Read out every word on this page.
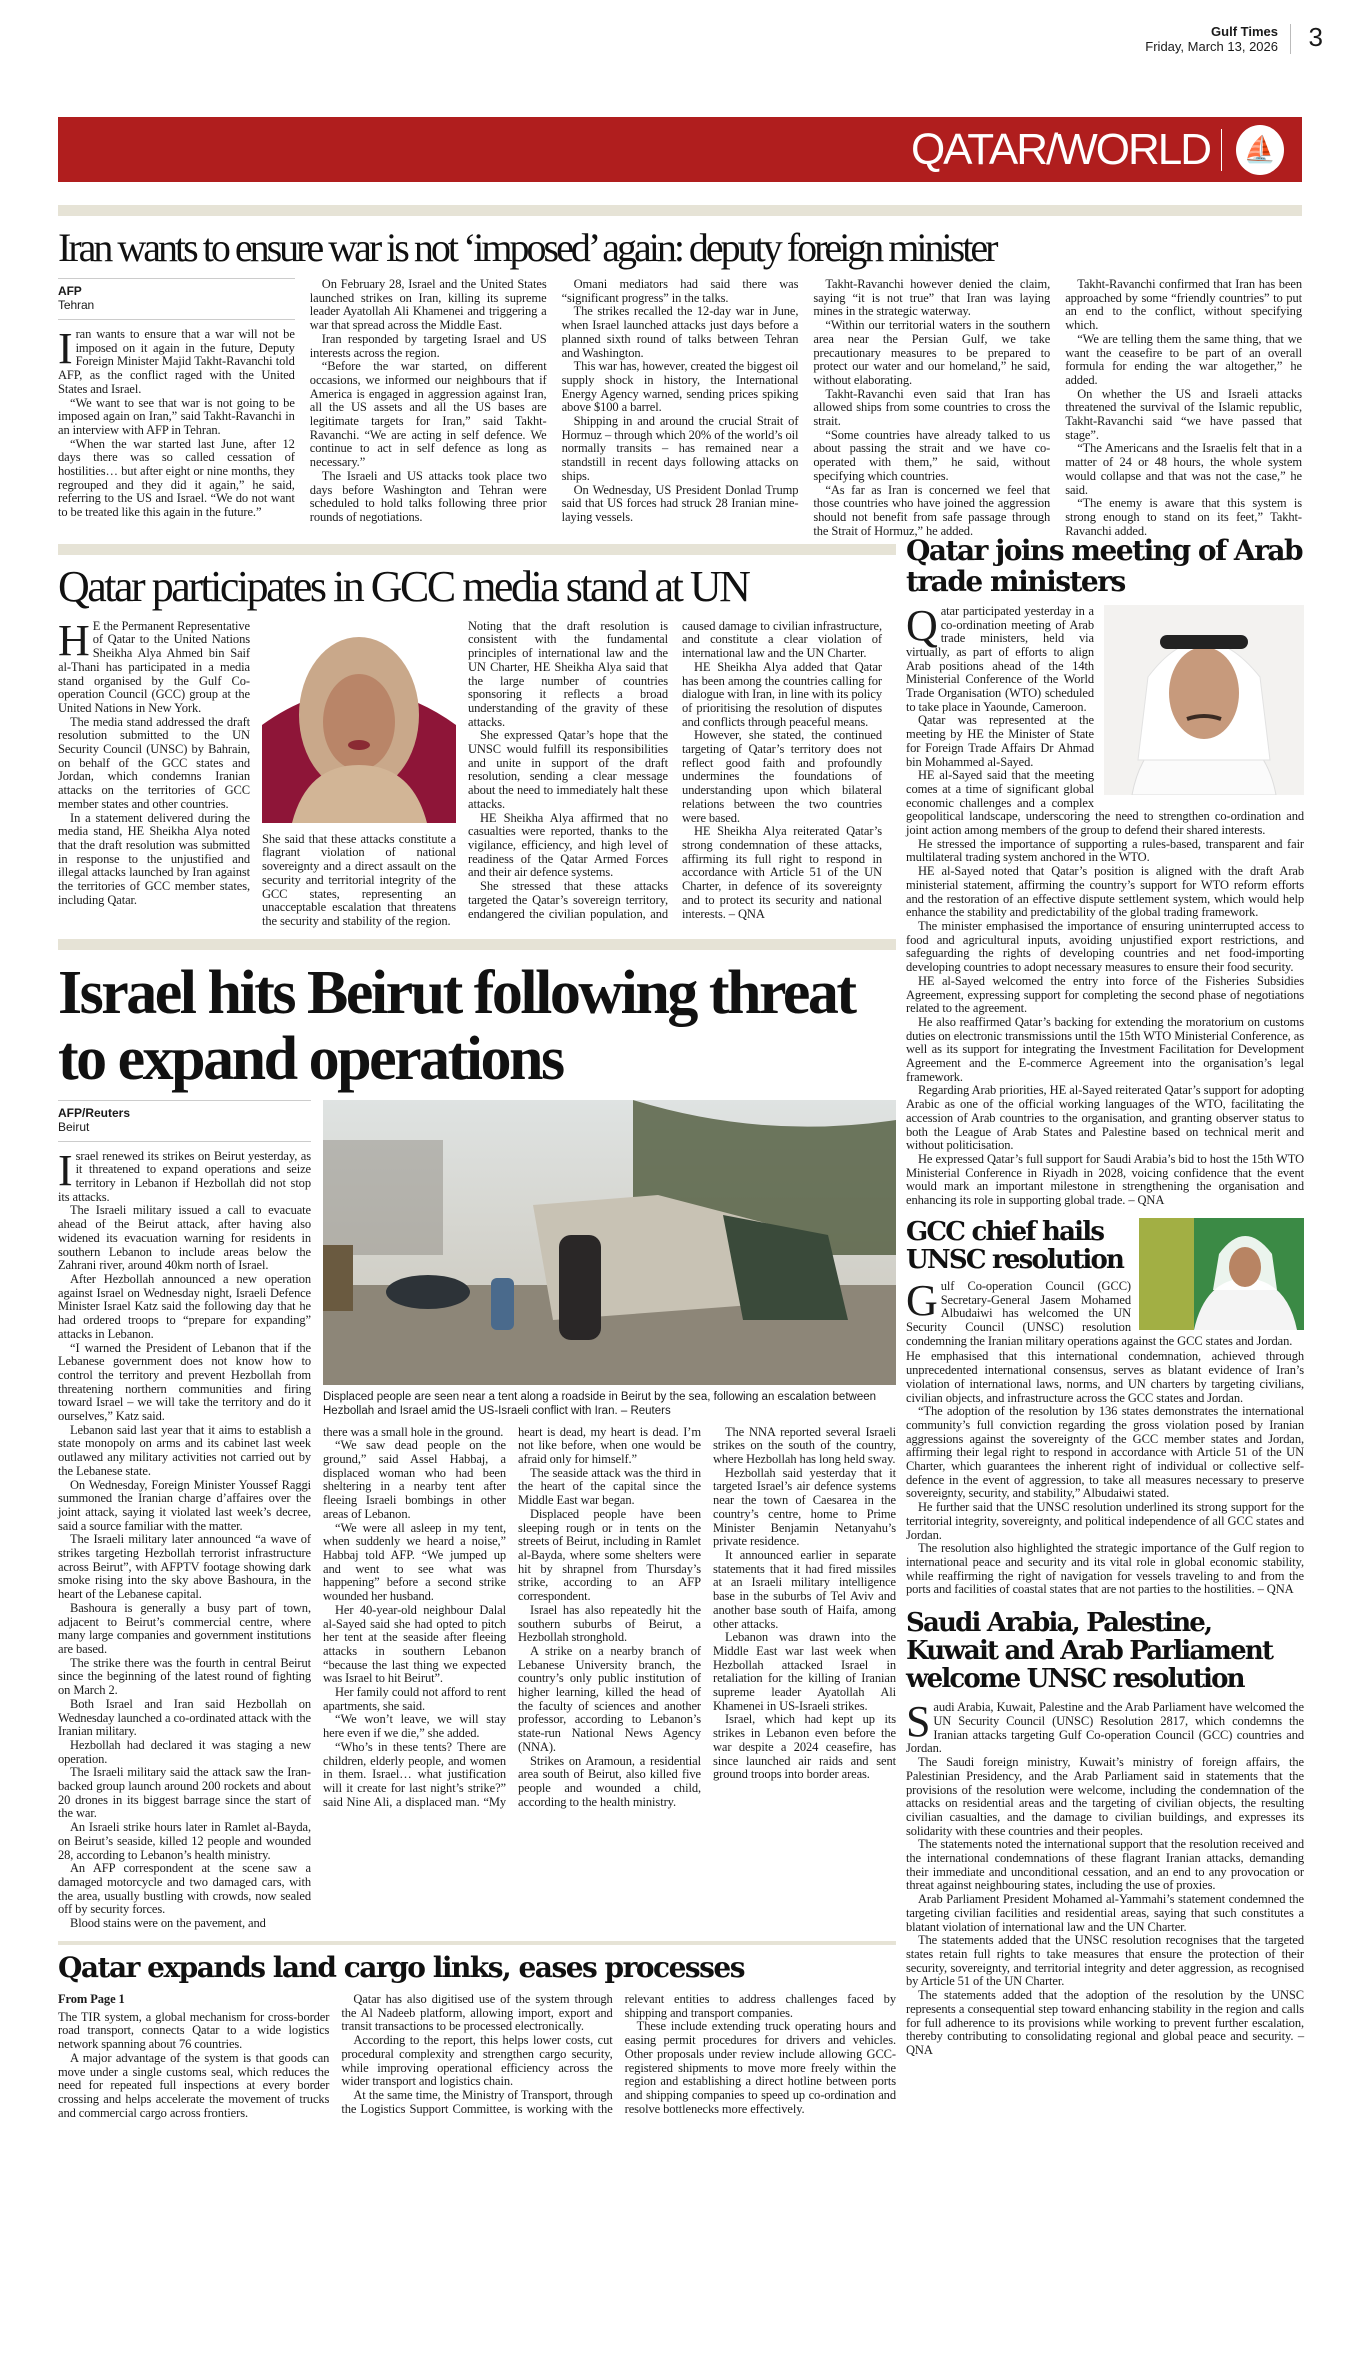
Gulf Times
Friday, March 13, 2026 3
QATAR/WORLD	⛵
Iran wants to ensure war is not ‘imposed’ again: deputy foreign minister
AFP
Tehran

Iran wants to ensure that a war will not be imposed on it again in the future, Deputy Foreign Minister Majid Takht-Ravanchi told AFP, as the conflict raged with the United States and Israel.

“We want to see that war is not going to be imposed again on Iran,” said Takht-Ravanchi in an interview with AFP in Tehran.

“When the war started last June, after 12 days there was so called cessation of hostilities… but after eight or nine months, they regrouped and they did it again,” he said, referring to the US and Israel. “We do not want to be treated like this again in the future.”

On February 28, Israel and the United States launched strikes on Iran, killing its supreme leader Ayatollah Ali Khamenei and triggering a war that spread across the Middle East.

Iran responded by targeting Israel and US interests across the region.

“Before the war started, on different occasions, we informed our neighbours that if America is engaged in aggression against Iran, all the US assets and all the US bases are legitimate targets for Iran,” said Takht-Ravanchi. “We are acting in self defence. We continue to act in self defence as long as necessary.”

The Israeli and US attacks took place two days before Washington and Tehran were scheduled to hold talks following three prior rounds of negotiations.

Omani mediators had said there was “significant progress” in the talks.

The strikes recalled the 12-day war in June, when Israel launched attacks just days before a planned sixth round of talks between Tehran and Washington.

This war has, however, created the biggest oil supply shock in history, the International Energy Agency warned, sending prices spiking above $100 a barrel.

Shipping in and around the crucial Strait of Hormuz – through which 20% of the world’s oil normally transits – has remained near a standstill in recent days following attacks on ships.

On Wednesday, US President Donlad Trump said that US forces had struck 28 Iranian mine-laying vessels.

Takht-Ravanchi however denied the claim, saying “it is not true” that Iran was laying mines in the strategic waterway.

“Within our territorial waters in the southern area near the Persian Gulf, we take precautionary measures to be prepared to protect our water and our homeland,” he said, without elaborating.

Takht-Ravanchi even said that Iran has allowed ships from some countries to cross the strait.

“Some countries have already talked to us about passing the strait and we have co-operated with them,” he said, without specifying which countries.

“As far as Iran is concerned we feel that those countries who have joined the aggression should not benefit from safe passage through the Strait of Hormuz,” he added.

Takht-Ravanchi confirmed that Iran has been approached by some “friendly countries” to put an end to the conflict, without specifying which.

“We are telling them the same thing, that we want the ceasefire to be part of an overall formula for ending the war altogether,” he added.

On whether the US and Israeli attacks threatened the survival of the Islamic republic, Takht-Ravanchi said “we have passed that stage”.

“The Americans and the Israelis felt that in a matter of 24 or 48 hours, the whole system would collapse and that was not the case,” he said.

“The enemy is aware that this system is strong enough to stand on its feet,” Takht-Ravanchi added.

Qatar participates in GCC media stand at UN

HE the Permanent Representative of Qatar to the United Nations Sheikha Alya Ahmed bin Saif al-Thani has participated in a media stand organised by the Gulf Co-operation Council (GCC) group at the United Nations in New York.

The media stand addressed the draft resolution submitted to the UN Security Council (UNSC) by Bahrain, on behalf of the GCC states and Jordan, which condemns Iranian attacks on the territories of GCC member states and other countries.

In a statement delivered during the media stand, HE Sheikha Alya noted that the draft resolution was submitted in response to the unjustified and illegal attacks launched by Iran against the territories of GCC member states, including Qatar.

She said that these attacks constitute a flagrant violation of national sovereignty and a direct assault on the security and territorial integrity of the GCC states, representing an unacceptable escalation that threatens the security and stability of the region.

Noting that the draft resolution is consistent with the fundamental principles of international law and the UN Charter, HE Sheikha Alya said that the large number of countries sponsoring it reflects a broad understanding of the gravity of these attacks.

She expressed Qatar’s hope that the UNSC would fulfill its responsibilities and unite in support of the draft resolution, sending a clear message about the need to immediately halt these attacks.

HE Sheikha Alya affirmed that no casualties were reported, thanks to the vigilance, efficiency, and high level of readiness of the Qatar Armed Forces and their air defence systems.

She stressed that these attacks targeted the Qatar’s sovereign territory, endangered the civilian population, and caused damage to civilian infrastructure, and constitute a clear violation of international law and the UN Charter.

HE Sheikha Alya added that Qatar has been among the countries calling for dialogue with Iran, in line with its policy of prioritising the resolution of disputes and conflicts through peaceful means.

However, she stated, the continued targeting of Qatar’s territory does not reflect good faith and profoundly undermines the foundations of understanding upon which bilateral relations between the two countries were based.

HE Sheikha Alya reiterated Qatar’s strong condemnation of these attacks, affirming its full right to respond in accordance with Article 51 of the UN Charter, in defence of its sovereignty and to protect its security and national interests. – QNA

Israel hits Beirut following threat to expand operations
AFP/Reuters
Beirut

Israel renewed its strikes on Beirut yesterday, as it threatened to expand operations and seize territory in Lebanon if Hezbollah did not stop its attacks.

The Israeli military issued a call to evacuate ahead of the Beirut attack, after having also widened its evacuation warning for residents in southern Lebanon to include areas below the Zahrani river, around 40km north of Israel.

After Hezbollah announced a new operation against Israel on Wednesday night, Israeli Defence Minister Israel Katz said the following day that he had ordered troops to “prepare for expanding” attacks in Lebanon.

“I warned the President of Lebanon that if the Lebanese government does not know how to control the territory and prevent Hezbollah from threatening northern communities and firing toward Israel – we will take the territory and do it ourselves,” Katz said.

Lebanon said last year that it aims to establish a state monopoly on arms and its cabinet last week outlawed any military activities not carried out by the Lebanese state.

On Wednesday, Foreign Minister Youssef Raggi summoned the Iranian charge d’affaires over the joint attack, saying it violated last week’s decree, said a source familiar with the matter.

The Israeli military later announced “a wave of strikes targeting Hezbollah terrorist infrastructure across Beirut”, with AFPTV footage showing dark smoke rising into the sky above Bashoura, in the heart of the Lebanese capital.

Bashoura is generally a busy part of town, adjacent to Beirut’s commercial centre, where many large companies and government institutions are based.

The strike there was the fourth in central Beirut since the beginning of the latest round of fighting on March 2.

Both Israel and Iran said Hezbollah on Wednesday launched a co-ordinated attack with the Iranian military.

Hezbollah had declared it was staging a new operation.

The Israeli military said the attack saw the Iran-backed group launch around 200 rockets and about 20 drones in its biggest barrage since the start of the war.

An Israeli strike hours later in Ramlet al-Bayda, on Beirut’s seaside, killed 12 people and wounded 28, according to Lebanon’s health ministry.

An AFP correspondent at the scene saw a damaged motorcycle and two damaged cars, with the area, usually bustling with crowds, now sealed off by security forces.

Blood stains were on the pavement, and

Displaced people are seen near a tent along a roadside in Beirut by the sea, following an escalation between Hezbollah and Israel amid the US-Israeli conflict with Iran. – Reuters

there was a small hole in the ground.

“We saw dead people on the ground,” said Assel Habbaj, a displaced woman who had been sheltering in a nearby tent after fleeing Israeli bombings in other areas of Lebanon.

“We were all asleep in my tent, when suddenly we heard a noise,” Habbaj told AFP. “We jumped up and went to see what was happening” before a second strike wounded her husband.

Her 40-year-old neighbour Dalal al-Sayed said she had opted to pitch her tent at the seaside after fleeing attacks in southern Lebanon “because the last thing we expected was Israel to hit Beirut”.

Her family could not afford to rent apartments, she said.

“We won’t leave, we will stay here even if we die,” she added.

“Who’s in these tents? There are children, elderly people, and women in them. Israel… what justification will it create for last night’s strike?” said Nine Ali, a displaced man. “My heart is dead, my heart is dead. I’m not like before, when one would be afraid only for himself.”

The seaside attack was the third in the heart of the capital since the Middle East war began.

Displaced people have been sleeping rough or in tents on the streets of Beirut, including in Ramlet al-Bayda, where some shelters were hit by shrapnel from Thursday’s strike, according to an AFP correspondent.

Israel has also repeatedly hit the southern suburbs of Beirut, a Hezbollah stronghold.

A strike on a nearby branch of Lebanese University branch, the country’s only public institution of higher learning, killed the head of the faculty of sciences and another professor, according to Lebanon’s state-run National News Agency (NNA).

Strikes on Aramoun, a residential area south of Beirut, also killed five people and wounded a child, according to the health ministry.

The NNA reported several Israeli strikes on the south of the country, where Hezbollah has long held sway.

Hezbollah said yesterday that it targeted Israel’s air defence systems near the town of Caesarea in the country’s centre, home to Prime Minister Benjamin Netanyahu’s private residence.

It announced earlier in separate statements that it had fired missiles at an Israeli military intelligence base in the suburbs of Tel Aviv and another base south of Haifa, among other attacks.

Lebanon was drawn into the Middle East war last week when Hezbollah attacked Israel in retaliation for the killing of Iranian supreme leader Ayatollah Ali Khamenei in US-Israeli strikes.

Israel, which had kept up its strikes in Lebanon even before the war despite a 2024 ceasefire, has since launched air raids and sent ground troops into border areas.

Qatar expands land cargo links, eases processes
From Page 1

The TIR system, a global mechanism for cross-border road transport, connects Qatar to a wide logistics network spanning about 76 countries.

A major advantage of the system is that goods can move under a single customs seal, which reduces the need for repeated full inspections at every border crossing and helps accelerate the movement of trucks and commercial cargo across frontiers.

Qatar has also digitised use of the system through the Al Nadeeb platform, allowing import, export and transit transactions to be processed electronically.

According to the report, this helps lower costs, cut procedural complexity and strengthen cargo security, while improving operational efficiency across the wider transport and logistics chain.

At the same time, the Ministry of Transport, through the Logistics Support Committee, is working with the relevant entities to address challenges faced by shipping and transport companies.

These include extending truck operating hours and easing permit procedures for drivers and vehicles. Other proposals under review include allowing GCC-registered shipments to move more freely within the region and establishing a direct hotline between ports and shipping companies to speed up co-ordination and resolve bottlenecks more effectively.

Qatar joins meeting of Arab trade ministers

Qatar participated yesterday in a co-ordination meeting of Arab trade ministers, held via virtually, as part of efforts to align Arab positions ahead of the 14th Ministerial Conference of the World Trade Organisation (WTO) scheduled to take place in Yaounde, Cameroon.

Qatar was represented at the meeting by HE the Minister of State for Foreign Trade Affairs Dr Ahmad bin Mohammed al-Sayed.

HE al-Sayed said that the meeting comes at a time of significant global economic challenges and a complex geopolitical landscape, underscoring the need to strengthen co-ordination and joint action among members of the group to defend their shared interests.

He stressed the importance of supporting a rules-based, transparent and fair multilateral trading system anchored in the WTO.

HE al-Sayed noted that Qatar’s position is aligned with the draft Arab ministerial statement, affirming the country’s support for WTO reform efforts and the restoration of an effective dispute settlement system, which would help enhance the stability and predictability of the global trading framework.

The minister emphasised the importance of ensuring uninterrupted access to food and agricultural inputs, avoiding unjustified export restrictions, and safeguarding the rights of developing countries and net food-importing developing countries to adopt necessary measures to ensure their food security.

HE al-Sayed welcomed the entry into force of the Fisheries Subsidies Agreement, expressing support for completing the second phase of negotiations related to the agreement.

He also reaffirmed Qatar’s backing for extending the moratorium on customs duties on electronic transmissions until the 15th WTO Ministerial Conference, as well as its support for integrating the Investment Facilitation for Development Agreement and the E-commerce Agreement into the organisation’s legal framework.

Regarding Arab priorities, HE al-Sayed reiterated Qatar’s support for adopting Arabic as one of the official working languages of the WTO, facilitating the accession of Arab countries to the organisation, and granting observer status to both the League of Arab States and Palestine based on technical merit and without politicisation.

He expressed Qatar’s full support for Saudi Arabia’s bid to host the 15th WTO Ministerial Conference in Riyadh in 2028, voicing confidence that the event would mark an important milestone in strengthening the organisation and enhancing its role in supporting global trade. – QNA

GCC chief hails UNSC resolution

Gulf Co-operation Council (GCC) Secretary-General Jasem Mohamed Albudaiwi has welcomed the UN Security Council (UNSC) resolution condemning the Iranian military operations against the GCC states and Jordan.

He emphasised that this international condemnation, achieved through unprecedented international consensus, serves as blatant evidence of Iran’s violation of international laws, norms, and UN charters by targeting civilians, civilian objects, and infrastructure across the GCC states and Jordan.

“The adoption of the resolution by 136 states demonstrates the international community’s full conviction regarding the gross violation posed by Iranian aggressions against the sovereignty of the GCC member states and Jordan, affirming their legal right to respond in accordance with Article 51 of the UN Charter, which guarantees the inherent right of individual or collective self-defence in the event of aggression, to take all measures necessary to preserve sovereignty, security, and stability,” Albudaiwi stated.

He further said that the UNSC resolution underlined its strong support for the territorial integrity, sovereignty, and political independence of all GCC states and Jordan.

The resolution also highlighted the strategic importance of the Gulf region to international peace and security and its vital role in global economic stability, while reaffirming the right of navigation for vessels traveling to and from the ports and facilities of coastal states that are not parties to the hostilities. – QNA

Saudi Arabia, Palestine, Kuwait and Arab Parliament welcome UNSC resolution

Saudi Arabia, Kuwait, Palestine and the Arab Parliament have welcomed the UN Security Council (UNSC) Resolution 2817, which condemns the Iranian attacks targeting Gulf Co-operation Council (GCC) countries and Jordan.

The Saudi foreign ministry, Kuwait’s ministry of foreign affairs, the Palestinian Presidency, and the Arab Parliament said in statements that the provisions of the resolution were welcome, including the condemnation of the attacks on residential areas and the targeting of civilian objects, the resulting civilian casualties, and the damage to civilian buildings, and expresses its solidarity with these countries and their peoples.

The statements noted the international support that the resolution received and the international condemnations of these flagrant Iranian attacks, demanding their immediate and unconditional cessation, and an end to any provocation or threat against neighbouring states, including the use of proxies.

Arab Parliament President Mohamed al-Yammahi’s statement condemned the targeting civilian facilities and residential areas, saying that such constitutes a blatant violation of international law and the UN Charter.

The statements added that the UNSC resolution recognises that the targeted states retain full rights to take measures that ensure the protection of their security, sovereignty, and territorial integrity and deter aggression, as recognised by Article 51 of the UN Charter.

The statements added that the adoption of the resolution by the UNSC represents a consequential step toward enhancing stability in the region and calls for full adherence to its provisions while working to prevent further escalation, thereby contributing to consolidating regional and global peace and security. – QNA
